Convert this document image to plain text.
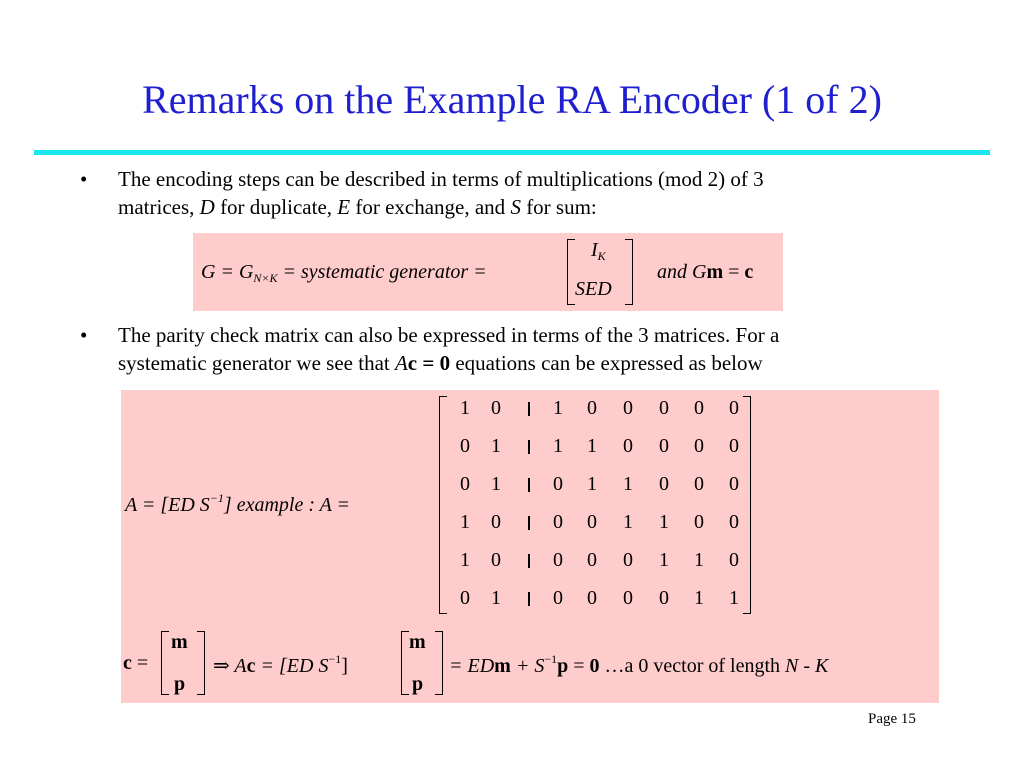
Remarks on the Example RA Encoder (1 of 2)
• The encoding steps can be described in terms of multiplications (mod 2) of 3
matrices, D for duplicate, E for exchange, and S for sum:
$G = G_{N\times K}$ = systematic generator =
$I_K$
SED
and Gm = c
• The parity check matrix can also be expressed in terms of the 3 matrices. For a
systematic generator we see that Ac = 0 equations can be expressed as below
A = [ED $S^{-1}$] example : A =
1 0	1 0 0 0 0 0
0 1	1 1 0 0 0 0
0 1	0 1 1 0 0 0
1 0	0 0 1 1 0 0
1 0	0 0 0 1 1 0
0 1	0 0 0 0 1 1
c =
m
p
⇒ Ac = [ED $S^{-1}$]
m
p
= EDm + $S^{-1}p = 0$ …a 0 vector of length N - K
Page 15
